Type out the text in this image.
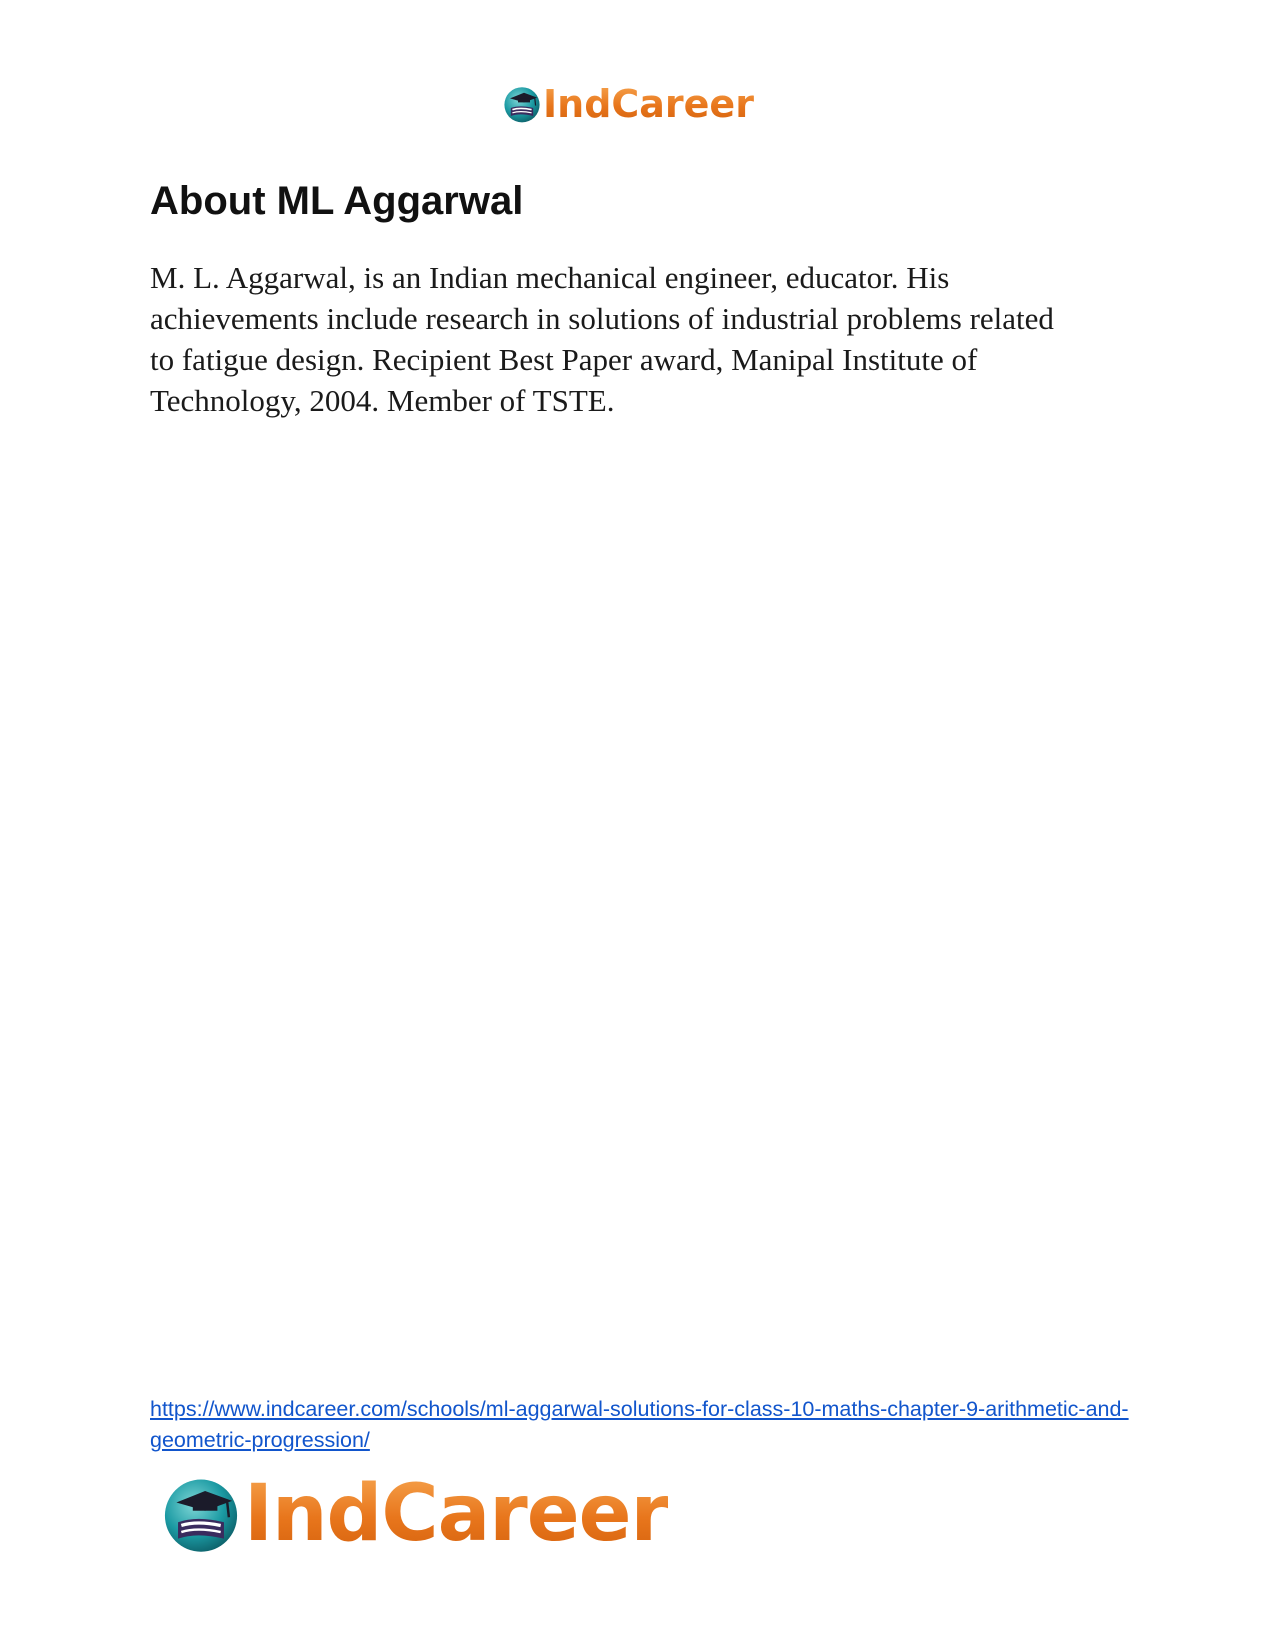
IndCareer
About ML Aggarwal

M. L. Aggarwal, is an Indian mechanical engineer, educator. His achievements include research in solutions of industrial problems related to fatigue design. Recipient Best Paper award, Manipal Institute of Technology, 2004. Member of TSTE.

https://www.indcareer.com/schools/ml-aggarwal-solutions-for-class-10-maths-chapter-9-arithmetic-and-geometric-progression/
IndCareer
